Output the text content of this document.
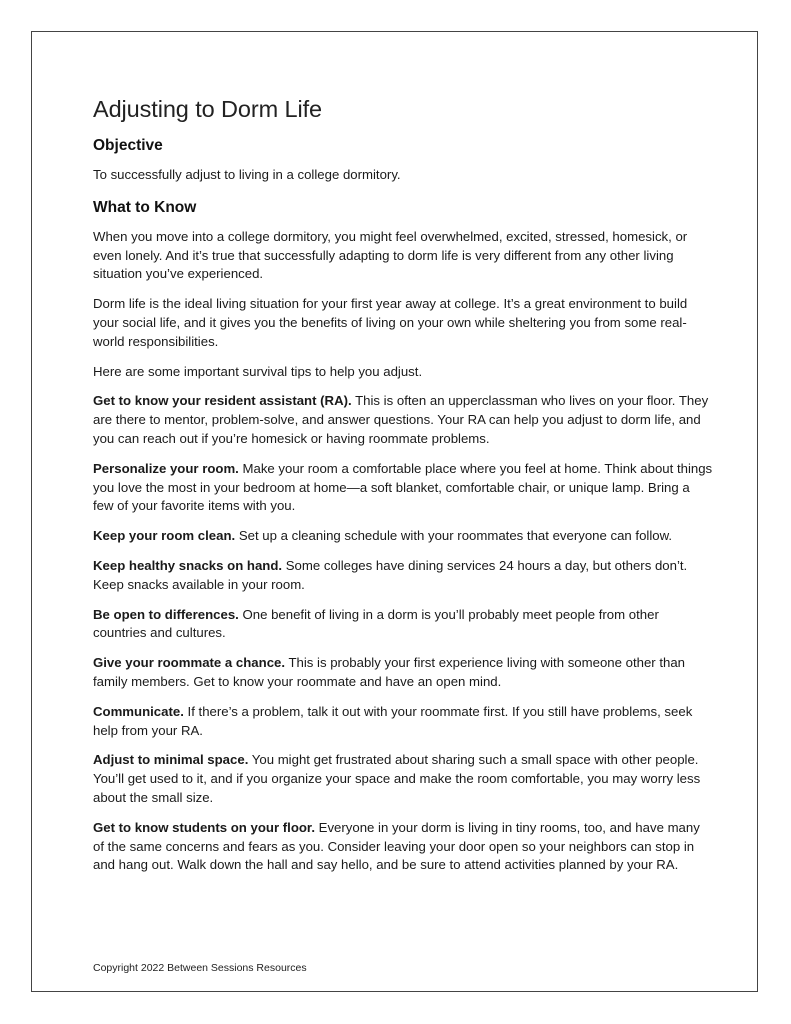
Adjusting to Dorm Life
Objective

To successfully adjust to living in a college dormitory.

What to Know

When you move into a college dormitory, you might feel overwhelmed, excited, stressed, homesick, or even lonely. And it’s true that successfully adapting to dorm life is very different from any other living situation you’ve experienced.

Dorm life is the ideal living situation for your first year away at college. It’s a great environment to build your social life, and it gives you the benefits of living on your own while sheltering you from some real-world responsibilities.

Here are some important survival tips to help you adjust.

Get to know your resident assistant (RA). This is often an upperclassman who lives on your floor. They are there to mentor, problem-solve, and answer questions. Your RA can help you adjust to dorm life, and you can reach out if you’re homesick or having roommate problems.

Personalize your room. Make your room a comfortable place where you feel at home. Think about things you love the most in your bedroom at home—a soft blanket, comfortable chair, or unique lamp. Bring a few of your favorite items with you.

Keep your room clean. Set up a cleaning schedule with your roommates that everyone can follow.

Keep healthy snacks on hand. Some colleges have dining services 24 hours a day, but others don’t. Keep snacks available in your room.

Be open to differences. One benefit of living in a dorm is you’ll probably meet people from other countries and cultures.

Give your roommate a chance. This is probably your first experience living with someone other than family members. Get to know your roommate and have an open mind.

Communicate. If there’s a problem, talk it out with your roommate first. If you still have problems, seek help from your RA.

Adjust to minimal space. You might get frustrated about sharing such a small space with other people. You’ll get used to it, and if you organize your space and make the room comfortable, you may worry less about the small size.

Get to know students on your floor. Everyone in your dorm is living in tiny rooms, too, and have many of the same concerns and fears as you. Consider leaving your door open so your neighbors can stop in and hang out. Walk down the hall and say hello, and be sure to attend activities planned by your RA.

Copyright 2022 Between Sessions Resources
